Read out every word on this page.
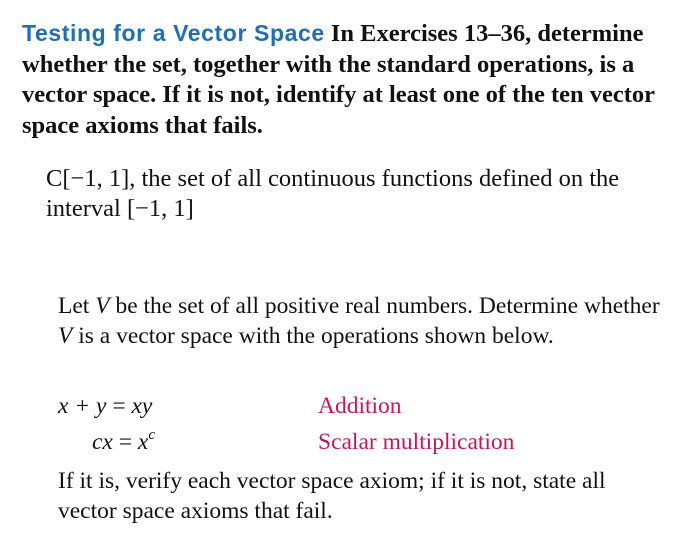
Testing for a Vector Space In Exercises 13–36, determine whether the set, together with the standard operations, is a vector space. If it is not, identify at least one of the ten vector space axioms that fails.
C[−1, 1], the set of all continuous functions defined on the interval [−1, 1]
Let V be the set of all positive real numbers. Determine whether V is a vector space with the operations shown below.
x + y = xy	Addition
cx = $x^c$	Scalar multiplication
If it is, verify each vector space axiom; if it is not, state all vector space axioms that fail.
